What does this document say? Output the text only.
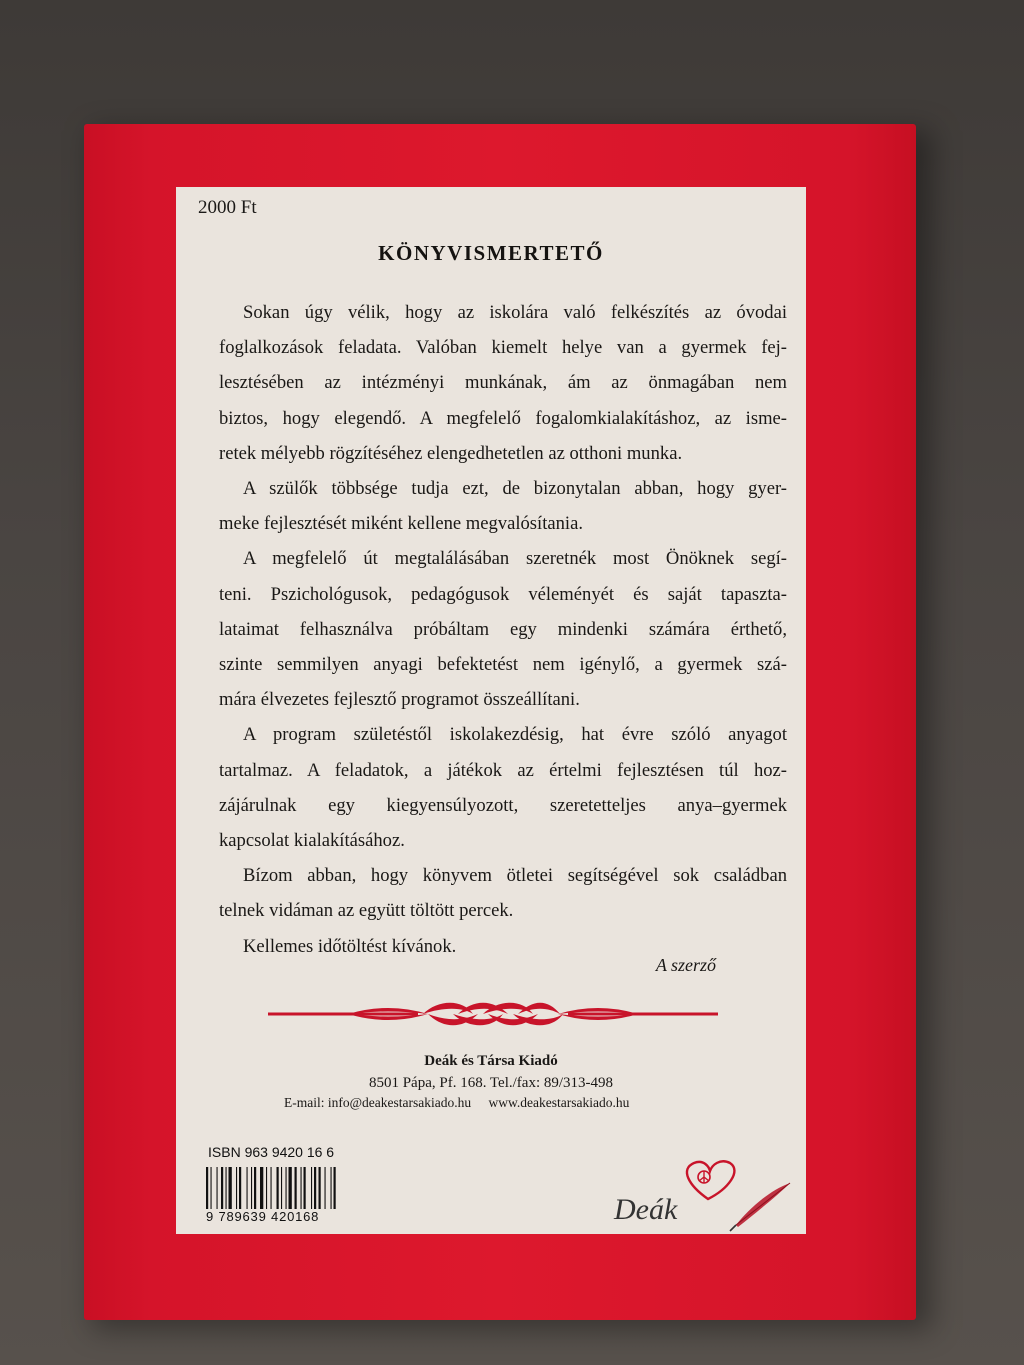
2000 Ft
KÖNYVISMERTETŐ
Sokan úgy vélik, hogy az iskolára való felkészítés az óvodai
foglalkozások feladata. Valóban kiemelt helye van a gyermek fej-
lesztésében az intézményi munkának, ám az önmagában nem
biztos, hogy elegendő. A megfelelő fogalomkialakításhoz, az isme-
retek mélyebb rögzítéséhez elengedhetetlen az otthoni munka.
A szülők többsége tudja ezt, de bizonytalan abban, hogy gyer-
meke fejlesztését miként kellene megvalósítania.
A megfelelő út megtalálásában szeretnék most Önöknek segí-
teni. Pszichológusok, pedagógusok véleményét és saját tapaszta-
lataimat felhasználva próbáltam egy mindenki számára érthető,
szinte semmilyen anyagi befektetést nem igénylő, a gyermek szá-
mára élvezetes fejlesztő programot összeállítani.
A program születéstől iskolakezdésig, hat évre szóló anyagot
tartalmaz. A feladatok, a játékok az értelmi fejlesztésen túl hoz-
zájárulnak egy kiegyensúlyozott, szeretetteljes anya–gyermek
kapcsolat kialakításához.
Bízom abban, hogy könyvem ötletei segítségével sok családban
telnek vidáman az együtt töltött percek.
Kellemes időtöltést kívánok.
A szerző
Deák és Társa Kiadó
8501 Pápa, Pf. 168. Tel./fax: 89/313-498
E-mail: info@deakestarsakiado.hu www.deakestarsakiado.hu
ISBN 963 9420 16 6
9 789639 420168	Deák
